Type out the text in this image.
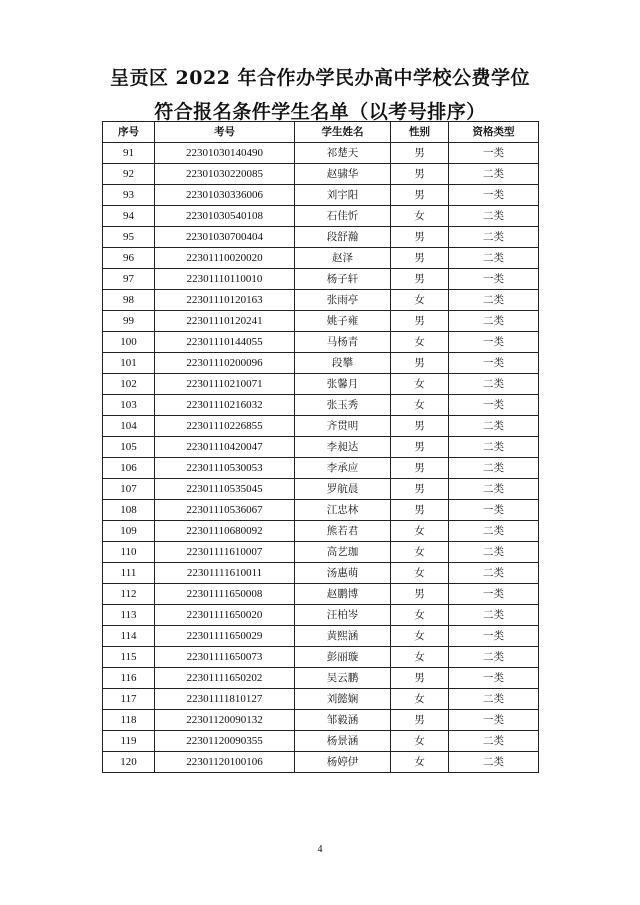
呈贡区 2022 年合作办学民办高中学校公费学位
符合报名条件学生名单（以考号排序）
序号	考号	学生姓名	性别	资格类型
91	22301030140490	祁楚天	男	一类
92	22301030220085	赵骕华	男	二类
93	22301030336006	刘宇阳	男	一类
94	22301030540108	石佳忻	女	二类
95	22301030700404	段舒瀚	男	二类
96	22301110020020	赵泽	男	二类
97	22301110110010	杨子轩	男	一类
98	22301110120163	张雨亭	女	二类
99	22301110120241	姚子雍	男	二类
100	22301110144055	马杨青	女	一类
101	22301110200096	段攀	男	一类
102	22301110210071	张馨月	女	二类
103	22301110216032	张玉秀	女	一类
104	22301110226855	齐贯明	男	二类
105	22301110420047	李昶达	男	二类
106	22301110530053	李承应	男	二类
107	22301110535045	罗航晨	男	二类
108	22301110536067	江忠林	男	一类
109	22301110680092	熊若君	女	二类
110	22301111610007	高艺珈	女	二类
111	22301111610011	汤惠萌	女	二类
112	22301111650008	赵鹏博	男	一类
113	22301111650020	汪柏岑	女	二类
114	22301111650029	黄熙涵	女	一类
115	22301111650073	彭丽璇	女	二类
116	22301111650202	吴云鹏	男	一类
117	22301111810127	刘懿娴	女	二类
118	22301120090132	邹毅涵	男	一类
119	22301120090355	杨景涵	女	二类
120	22301120100106	杨婷伊	女	二类
4
